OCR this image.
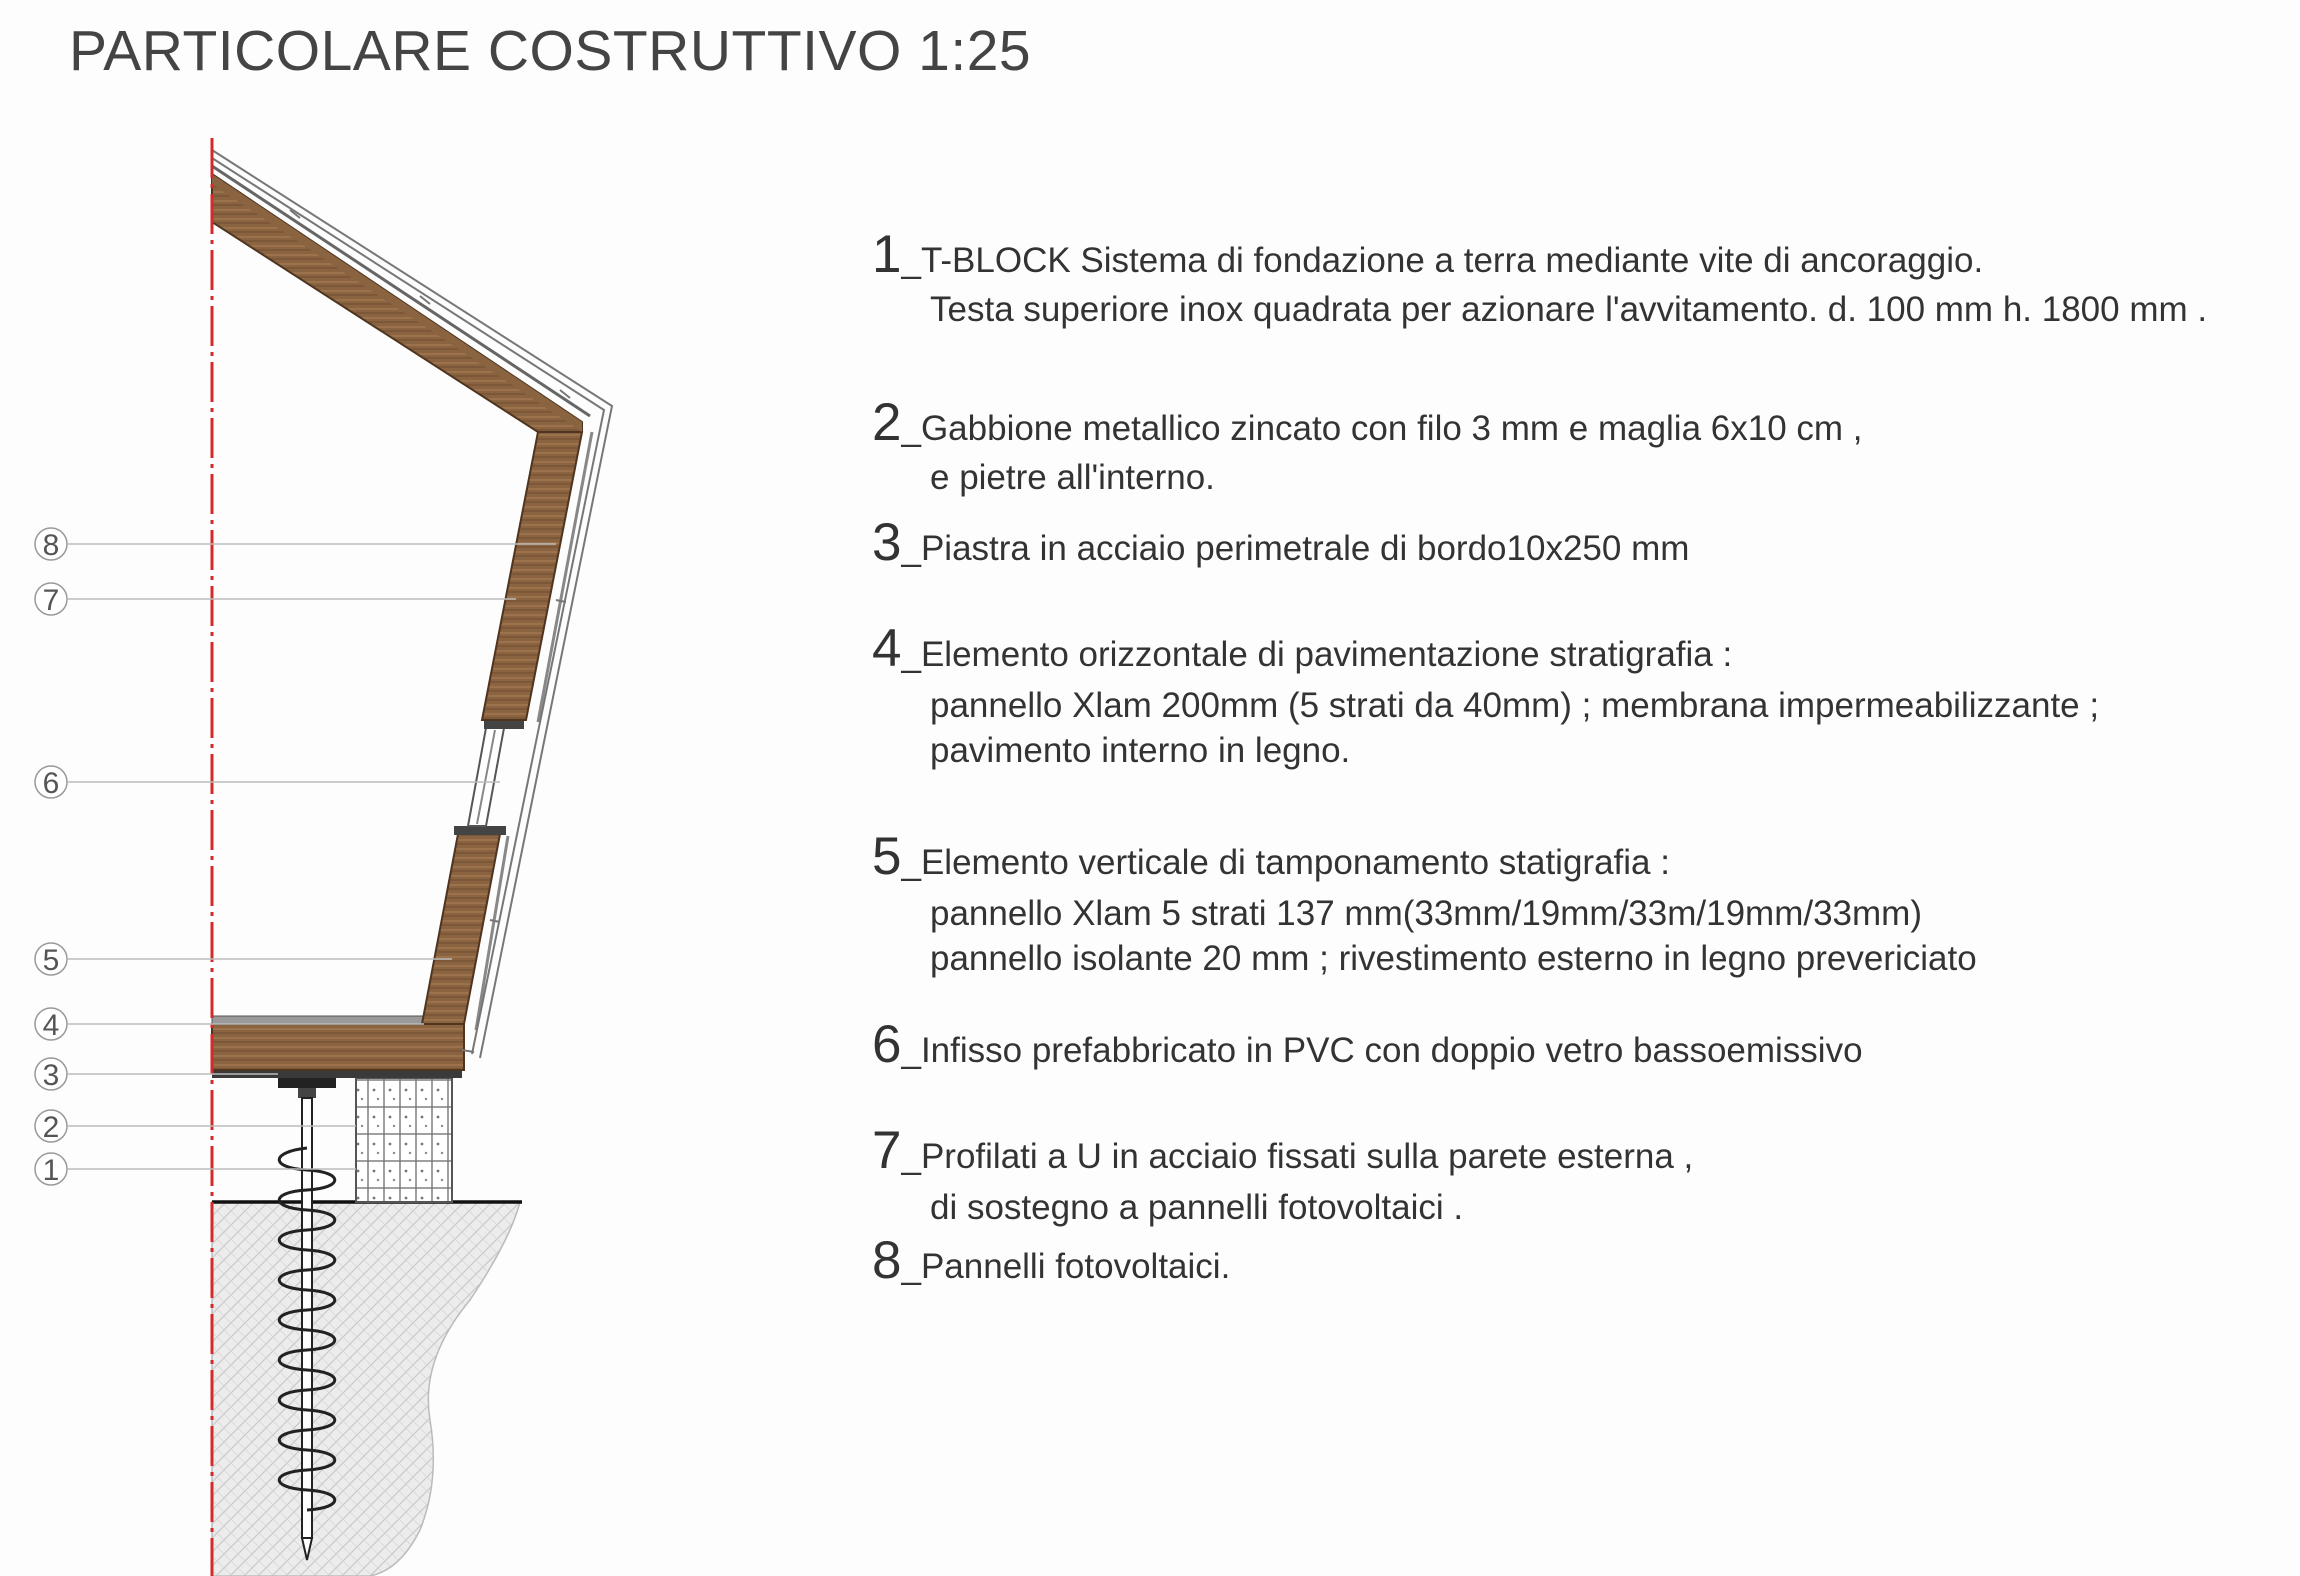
PARTICOLARE COSTRUTTIVO 1:25
8
7
6
5
4
3
2
1
1_T-BLOCK Sistema di fondazione a terra mediante vite di ancoraggio.
Testa superiore inox quadrata per azionare l'avvitamento. d. 100 mm h. 1800 mm .
2_Gabbione metallico zincato con filo 3 mm e maglia 6x10 cm ,
e pietre all'interno.
3_Piastra in acciaio perimetrale di bordo10x250 mm
4_Elemento orizzontale di pavimentazione stratigrafia :
pannello Xlam 200mm (5 strati da 40mm) ; membrana impermeabilizzante ;
pavimento interno in legno.
5_Elemento verticale di tamponamento statigrafia :
pannello Xlam 5 strati 137 mm(33mm/19mm/33m/19mm/33mm)
pannello isolante 20 mm ; rivestimento esterno in legno prevericiato
6_Infisso prefabbricato in PVC con doppio vetro bassoemissivo
7_Profilati a U in acciaio fissati sulla parete esterna ,
di sostegno a pannelli fotovoltaici .
8_Pannelli fotovoltaici.
